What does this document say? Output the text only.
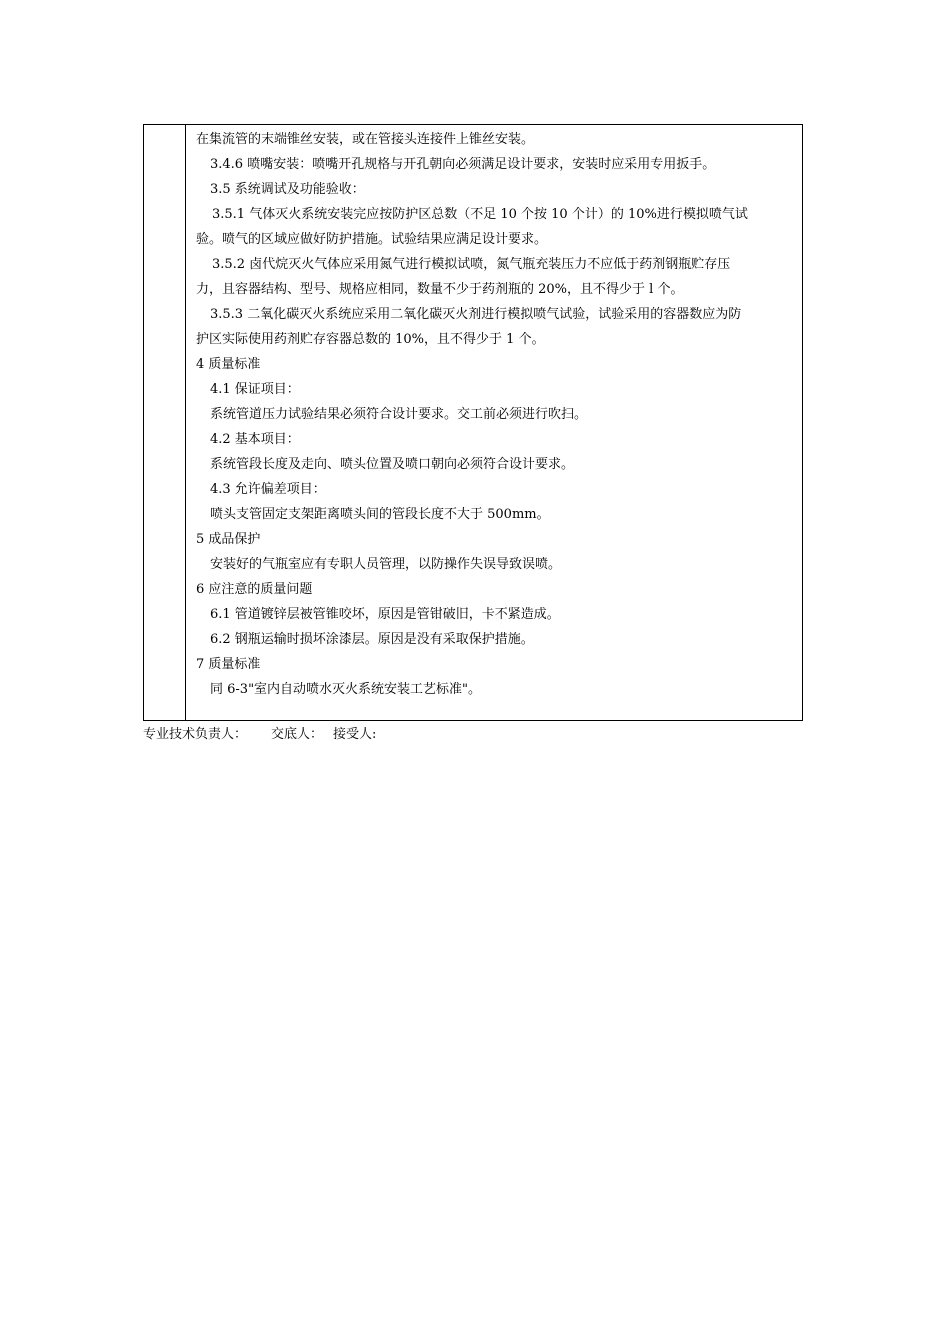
在集流管的末端锥丝安装，或在管接头连接件上锥丝安装。
3.4.6 喷嘴安装：喷嘴开孔规格与开孔朝向必须满足设计要求，安装时应采用专用扳手。
3.5 系统调试及功能验收：
3.5.1 气体灭火系统安装完应按防护区总数（不足 10 个按 10 个计）的 10%进行模拟喷气试
验。喷气的区域应做好防护措施。试验结果应满足设计要求。
3.5.2 卤代烷灭火气体应采用氮气进行模拟试喷，氮气瓶充装压力不应低于药剂钢瓶贮存压
力，且容器结构、型号、规格应相同，数量不少于药剂瓶的 20%，且不得少于 l 个。
3.5.3 二氧化碳灭火系统应采用二氧化碳灭火剂进行模拟喷气试验，试验采用的容器数应为防
护区实际使用药剂贮存容器总数的 10%，且不得少于 1 个。
4 质量标准
4.1 保证项目：
系统管道压力试验结果必须符合设计要求。交工前必须进行吹扫。
4.2 基本项目：
系统管段长度及走向、喷头位置及喷口朝向必须符合设计要求。
4.3 允许偏差项目：
喷头支管固定支架距离喷头间的管段长度不大于 500mm。
5 成品保护
安装好的气瓶室应有专职人员管理，以防操作失误导致误喷。
6 应注意的质量问题
6.1 管道镀锌层被管锥咬坏，原因是管钳破旧，卡不紧造成。
6.2 钢瓶运输时损坏涂漆层。原因是没有采取保护措施。
7 质量标准
同 6-3"室内自动喷水灭火系统安装工艺标准"。
专业技术负责人： 交底人： 接受人:
